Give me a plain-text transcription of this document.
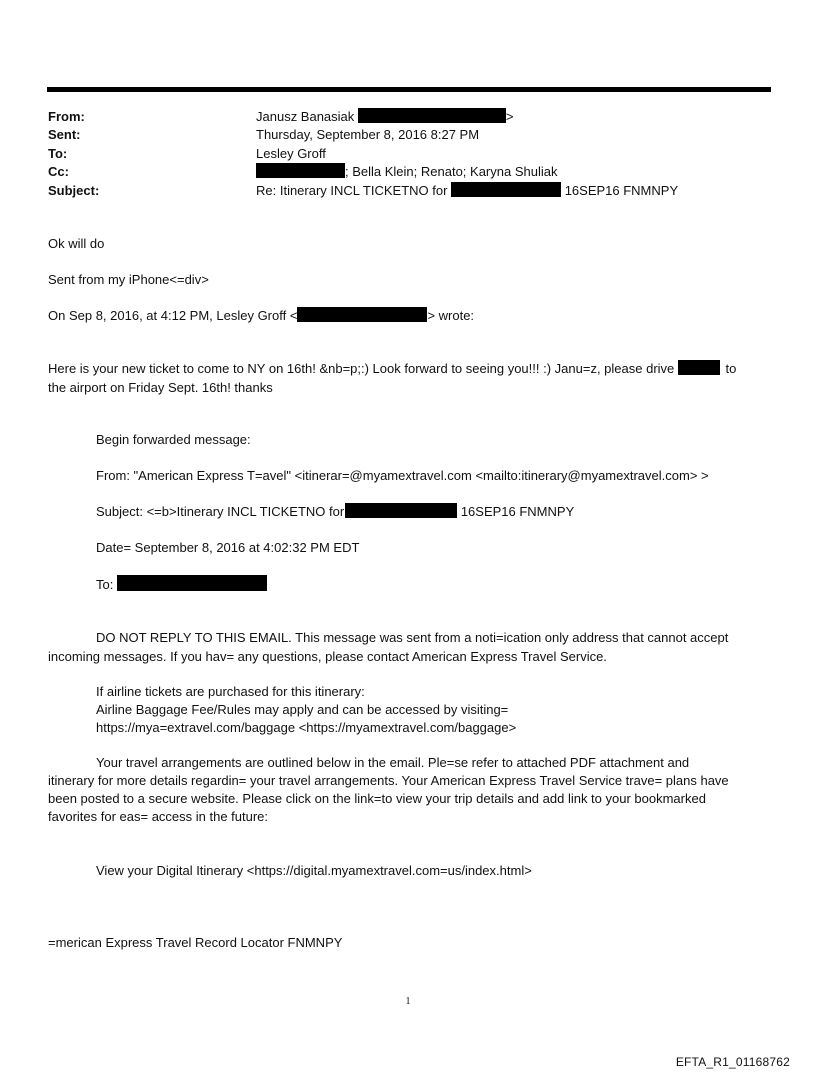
From:	Janusz Banasiak	>
Sent:	Thursday, September 8, 2016 8:27 PM
To:	Lesley Groff
Cc:	; Bella Klein; Renato; Karyna Shuliak
Subject:	Re: Itinerary INCL TICKETNO for	16SEP16 FNMNPY
Ok will do
Sent from my iPhone<=div>
On Sep 8, 2016, at 4:12 PM, Lesley Groff <	> wrote:
Here is your new ticket to come to NY on 16th! &nb=p;:) Look forward to seeing you!!! :) Janu=z, please drive	to
the airport on Friday Sept. 16th! thanks
Begin forwarded message:
From: "American Express T=avel" <itinerar=@myamextravel.com <mailto:itinerary@myamextravel.com> >
Subject: <=b>Itinerary INCL TICKETNO for	16SEP16 FNMNPY
Date= September 8, 2016 at 4:02:32 PM EDT
To:
DO NOT REPLY TO THIS EMAIL. This message was sent from a noti=ication only address that cannot accept
incoming messages. If you hav= any questions, please contact American Express Travel Service.
If airline tickets are purchased for this itinerary:
Airline Baggage Fee/Rules may apply and can be accessed by visiting=
https://mya=extravel.com/baggage <https://myamextravel.com/baggage>
Your travel arrangements are outlined below in the email. Ple=se refer to attached PDF attachment and
itinerary for more details regardin= your travel arrangements. Your American Express Travel Service trave= plans have
been posted to a secure website. Please click on the link=to view your trip details and add link to your bookmarked
favorites for eas= access in the future:
View your Digital Itinerary <https://digital.myamextravel.com=us/index.html>
=merican Express Travel Record Locator FNMNPY
1
EFTA_R1_01168762
